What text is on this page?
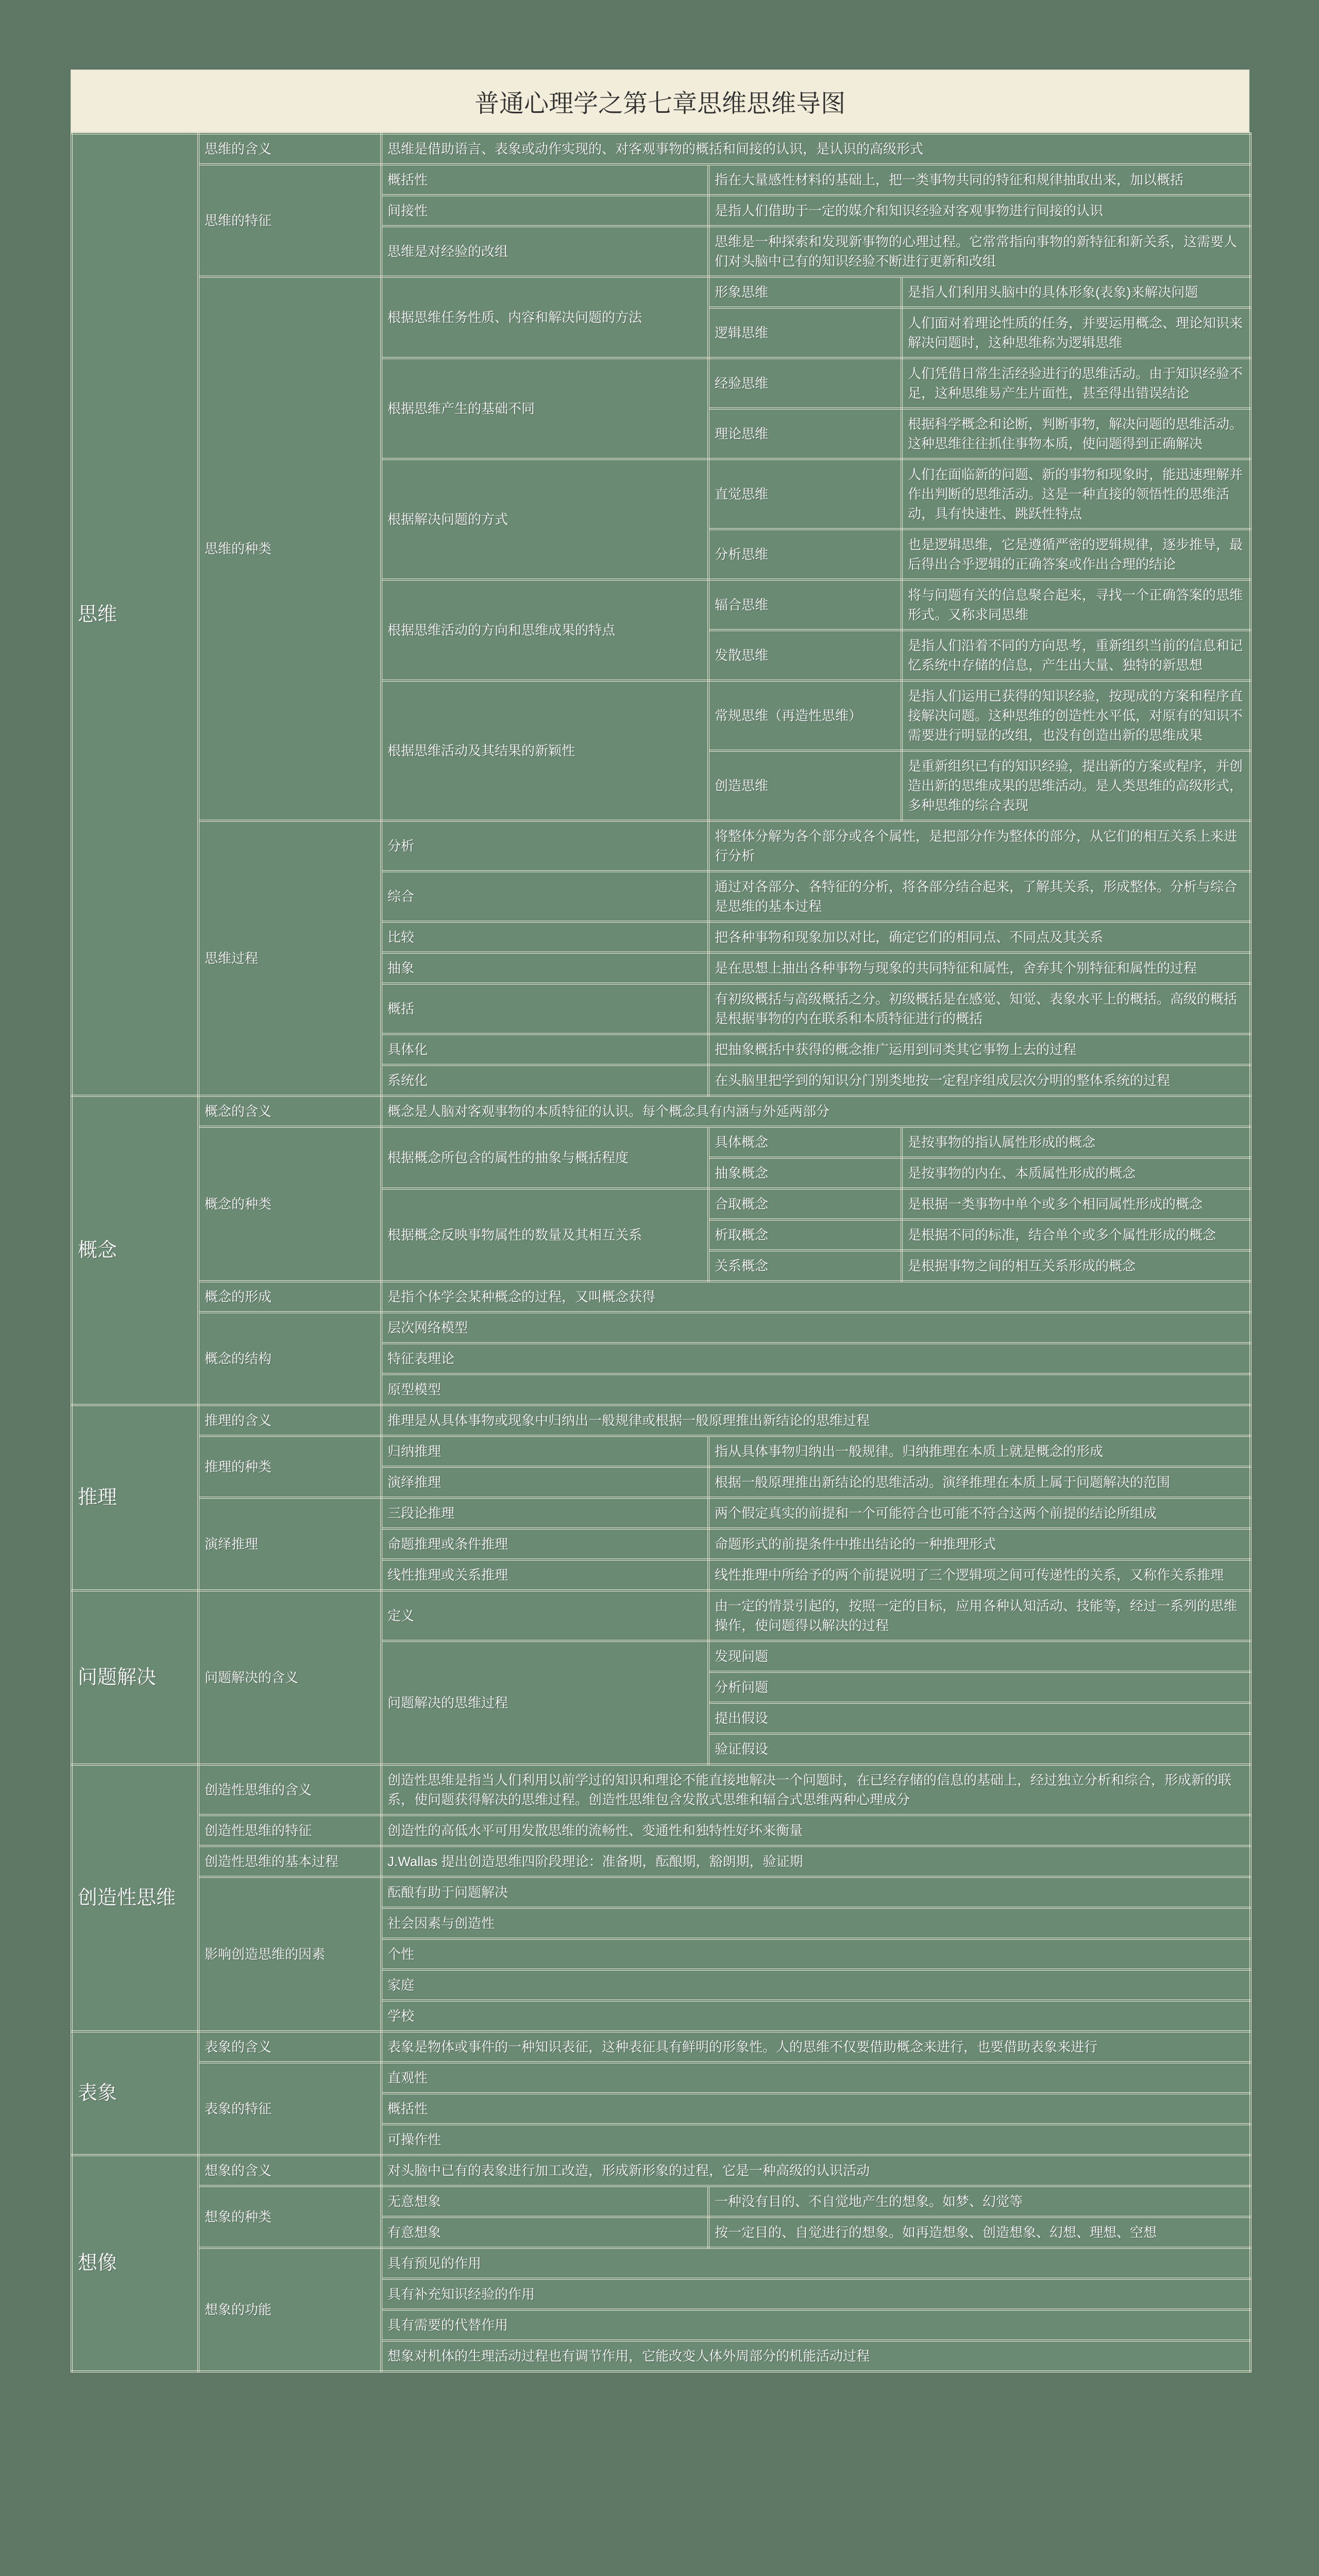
普通心理学之第七章思维思维导图
思维	思维的含义	思维是借助语言、表象或动作实现的、对客观事物的概括和间接的认识，是认识的高级形式		
	思维的特征	概括性	指在大量感性材料的基础上，把一类事物共同的特征和规律抽取出来，加以概括	
		间接性	是指人们借助于一定的媒介和知识经验对客观事物进行间接的认识	
		思维是对经验的改组	思维是一种探索和发现新事物的心理过程。它常常指向事物的新特征和新关系，这需要人们对头脑中已有的知识经验不断进行更新和改组	
	思维的种类	根据思维任务性质、内容和解决问题的方法	形象思维	是指人们利用头脑中的具体形象(表象)来解决问题
			逻辑思维	人们面对着理论性质的任务，并要运用概念、理论知识来解决问题时，这种思维称为逻辑思维
		根据思维产生的基础不同	经验思维	人们凭借日常生活经验进行的思维活动。由于知识经验不足，这种思维易产生片面性，甚至得出错误结论
			理论思维	根据科学概念和论断，判断事物，解决问题的思维活动。这种思维往往抓住事物本质，使问题得到正确解决
		根据解决问题的方式	直觉思维	人们在面临新的问题、新的事物和现象时，能迅速理解并作出判断的思维活动。这是一种直接的领悟性的思维活动，具有快速性、跳跃性特点
			分析思维	也是逻辑思维，它是遵循严密的逻辑规律，逐步推导，最后得出合乎逻辑的正确答案或作出合理的结论
		根据思维活动的方向和思维成果的特点	辐合思维	将与问题有关的信息聚合起来，寻找一个正确答案的思维形式。又称求同思维
			发散思维	是指人们沿着不同的方向思考，重新组织当前的信息和记忆系统中存储的信息，产生出大量、独特的新思想
		根据思维活动及其结果的新颖性	常规思维（再造性思维）	是指人们运用已获得的知识经验，按现成的方案和程序直接解决问题。这种思维的创造性水平低，对原有的知识不需要进行明显的改组，也没有创造出新的思维成果
			创造思维	是重新组织已有的知识经验，提出新的方案或程序，并创造出新的思维成果的思维活动。是人类思维的高级形式，多种思维的综合表现
	思维过程	分析	将整体分解为各个部分或各个属性，是把部分作为整体的部分，从它们的相互关系上来进行分析	
		综合	通过对各部分、各特征的分析，将各部分结合起来，了解其关系，形成整体。分析与综合是思维的基本过程	
		比较	把各种事物和现象加以对比，确定它们的相同点、不同点及其关系	
		抽象	是在思想上抽出各种事物与现象的共同特征和属性，舍弃其个别特征和属性的过程	
		概括	有初级概括与高级概括之分。初级概括是在感觉、知觉、表象水平上的概括。高级的概括是根据事物的内在联系和本质特征进行的概括	
		具体化	把抽象概括中获得的概念推广运用到同类其它事物上去的过程	
		系统化	在头脑里把学到的知识分门别类地按一定程序组成层次分明的整体系统的过程	
概念	概念的含义	概念是人脑对客观事物的本质特征的认识。每个概念具有内涵与外延两部分		
	概念的种类	根据概念所包含的属性的抽象与概括程度	具体概念	是按事物的指认属性形成的概念
			抽象概念	是按事物的内在、本质属性形成的概念
		根据概念反映事物属性的数量及其相互关系	合取概念	是根据一类事物中单个或多个相同属性形成的概念
			析取概念	是根据不同的标准，结合单个或多个属性形成的概念
			关系概念	是根据事物之间的相互关系形成的概念
	概念的形成	是指个体学会某种概念的过程，又叫概念获得		
	概念的结构	层次网络模型		
		特征表理论		
		原型模型		
推理	推理的含义	推理是从具体事物或现象中归纳出一般规律或根据一般原理推出新结论的思维过程		
	推理的种类	归纳推理	指从具体事物归纳出一般规律。归纳推理在本质上就是概念的形成	
		演绎推理	根据一般原理推出新结论的思维活动。演绎推理在本质上属于问题解决的范围	
	演绎推理	三段论推理	两个假定真实的前提和一个可能符合也可能不符合这两个前提的结论所组成	
		命题推理或条件推理	命题形式的前提条件中推出结论的一种推理形式	
		线性推理或关系推理	线性推理中所给予的两个前提说明了三个逻辑项之间可传递性的关系，又称作关系推理	
问题解决	问题解决的含义	定义	由一定的情景引起的，按照一定的目标，应用各种认知活动、技能等，经过一系列的思维操作，使问题得以解决的过程	
		问题解决的思维过程	发现问题	
			分析问题	
			提出假设	
			验证假设	
创造性思维	创造性思维的含义	创造性思维是指当人们利用以前学过的知识和理论不能直接地解决一个问题时，在已经存储的信息的基础上，经过独立分析和综合，形成新的联系，使问题获得解决的思维过程。创造性思维包含发散式思维和辐合式思维两种心理成分		
	创造性思维的特征	创造性的高低水平可用发散思维的流畅性、变通性和独特性好坏来衡量		
	创造性思维的基本过程	J.Wallas 提出创造思维四阶段理论：准备期，酝酿期，豁朗期，验证期		
	影响创造思维的因素	酝酿有助于问题解决		
		社会因素与创造性		
		个性		
		家庭		
		学校		
表象	表象的含义	表象是物体或事件的一种知识表征，这种表征具有鲜明的形象性。人的思维不仅要借助概念来进行，也要借助表象来进行		
	表象的特征	直观性		
		概括性		
		可操作性		
想像	想象的含义	对头脑中已有的表象进行加工改造，形成新形象的过程，它是一种高级的认识活动		
	想象的种类	无意想象	一种没有目的、不自觉地产生的想象。如梦、幻觉等	
		有意想象	按一定目的、自觉进行的想象。如再造想象、创造想象、幻想、理想、空想	
	想象的功能	具有预见的作用		
		具有补充知识经验的作用		
		具有需要的代替作用		
		想象对机体的生理活动过程也有调节作用，它能改变人体外周部分的机能活动过程		
